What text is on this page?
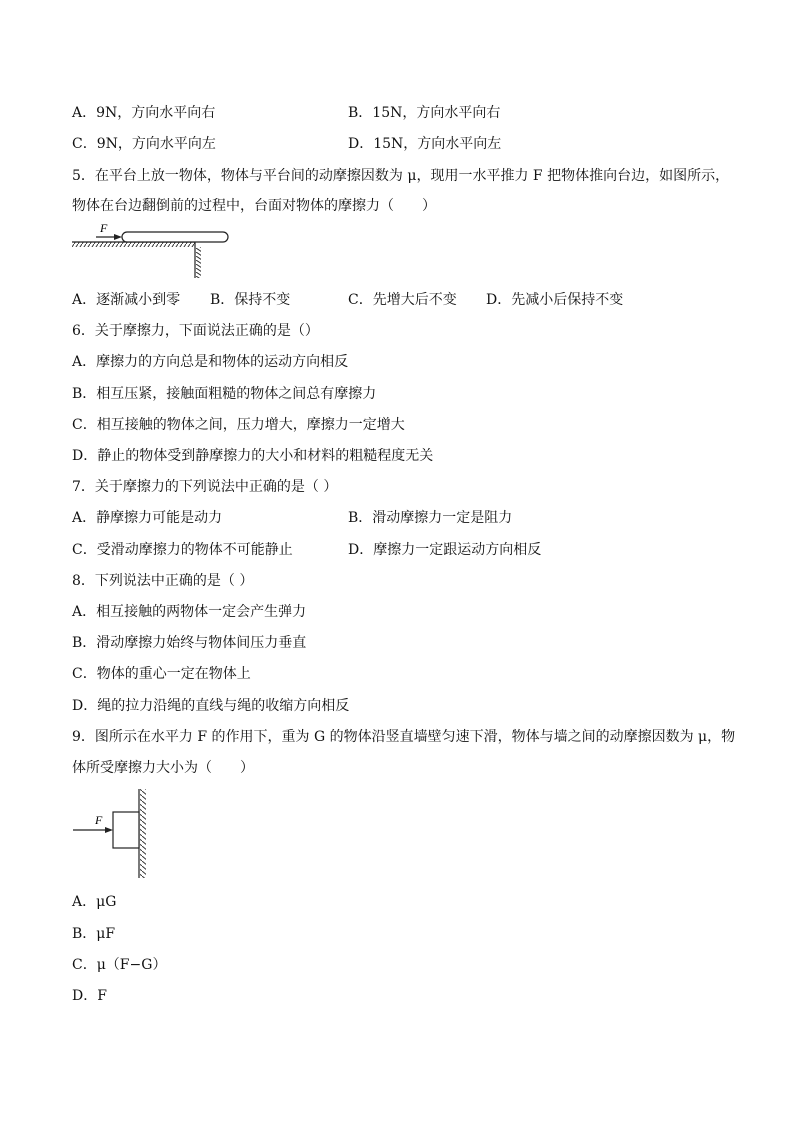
A．9N，方向水平向右	B．15N，方向水平向右
C．9N，方向水平向左	D．15N，方向水平向左
5．在平台上放一物体，物体与平台间的动摩擦因数为 μ，现用一水平推力 F 把物体推向台边，如图所示，
物体在台边翻倒前的过程中，台面对物体的摩擦力（　　）
F
A．逐渐减小到零 B．保持不变	C．先增大后不变 D．先减小后保持不变
6．关于摩擦力，下面说法正确的是（）
A．摩擦力的方向总是和物体的运动方向相反
B．相互压紧，接触面粗糙的物体之间总有摩擦力
C．相互接触的物体之间，压力增大，摩擦力一定增大
D．静止的物体受到静摩擦力的大小和材料的粗糙程度无关
7．关于摩擦力的下列说法中正确的是（ ）
A．静摩擦力可能是动力	B．滑动摩擦力一定是阻力
C．受滑动摩擦力的物体不可能静止	D．摩擦力一定跟运动方向相反
8．下列说法中正确的是（ ）
A．相互接触的两物体一定会产生弹力
B．滑动摩擦力始终与物体间压力垂直
C．物体的重心一定在物体上
D．绳的拉力沿绳的直线与绳的收缩方向相反
9．图所示在水平力 F 的作用下，重为 G 的物体沿竖直墙壁匀速下滑，物体与墙之间的动摩擦因数为 μ，物
体所受摩擦力大小为（　　）
F
A．μG
B．μF
C．μ（F−G）
D．F
